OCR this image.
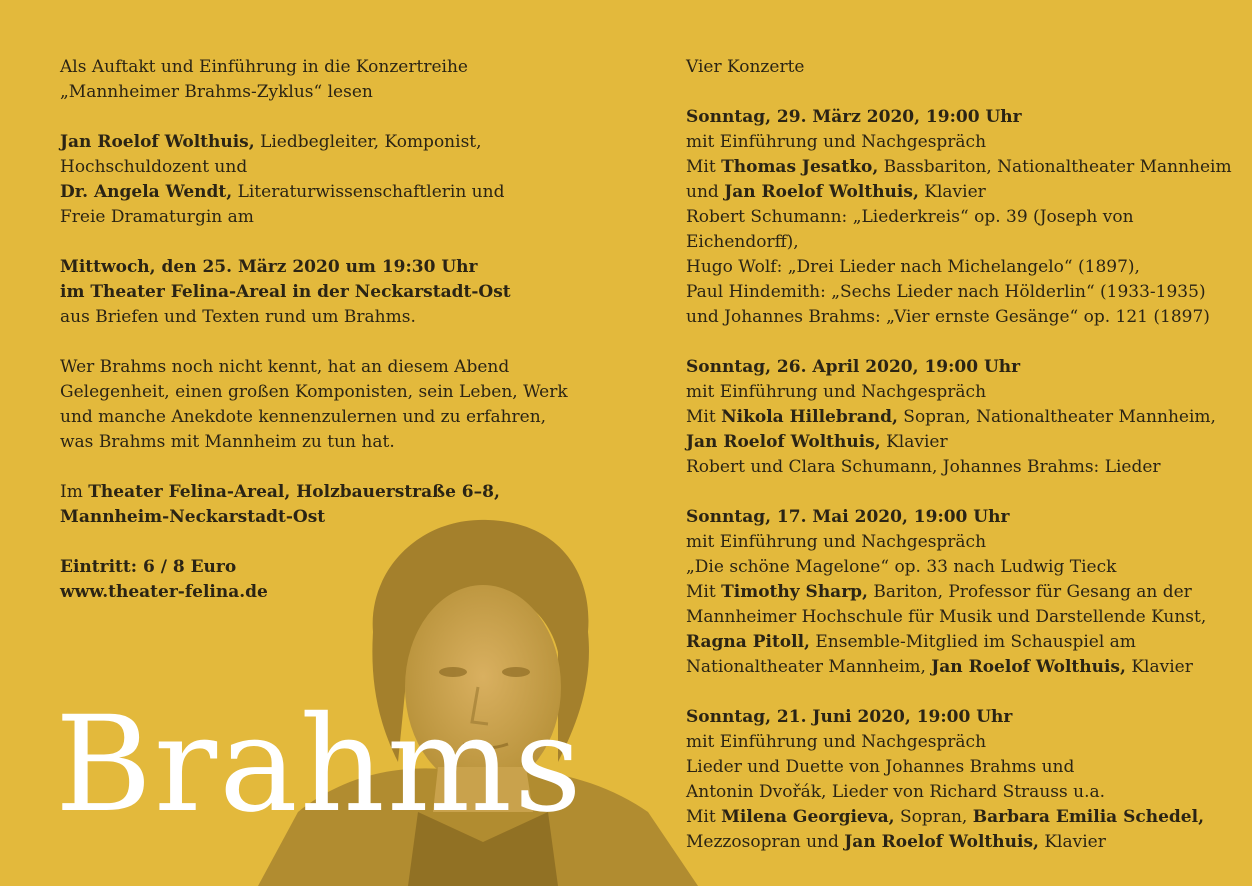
Als Auftakt und Einführung in die Konzertreihe

„Mannheimer Brahms-Zyklus“ lesen

Jan Roelof Wolthuis, Liedbegleiter, Komponist,

Hochschuldozent und

Dr. Angela Wendt, Literaturwissenschaftlerin und

Freie Dramaturgin am

Mittwoch, den 25. März 2020 um 19:30 Uhr

im Theater Felina-Areal in der Neckarstadt-Ost

aus Briefen und Texten rund um Brahms.

Wer Brahms noch nicht kennt, hat an diesem Abend

Gelegenheit, einen großen Komponisten, sein Leben, Werk

und manche Anekdote kennenzulernen und zu erfahren,

was Brahms mit Mannheim zu tun hat.

Im Theater Felina-Areal, Holzbauerstraße 6–8,

Mannheim-Neckarstadt-Ost

Eintritt: 6 / 8 Euro

www.theater-felina.de

Brahms

Vier Konzerte

Sonntag, 29. März 2020, 19:00 Uhr

mit Einführung und Nachgespräch

Mit Thomas Jesatko, Bassbariton, Nationaltheater Mannheim

und Jan Roelof Wolthuis, Klavier

Robert Schumann: „Liederkreis“ op. 39 (Joseph von Eichendorff),

Hugo Wolf: „Drei Lieder nach Michelangelo“ (1897),

Paul Hindemith: „Sechs Lieder nach Hölderlin“ (1933-1935)

und Johannes Brahms: „Vier ernste Gesänge“ op. 121 (1897)

Sonntag, 26. April 2020, 19:00 Uhr

mit Einführung und Nachgespräch

Mit Nikola Hillebrand, Sopran, Nationaltheater Mannheim,

Jan Roelof Wolthuis, Klavier

Robert und Clara Schumann, Johannes Brahms: Lieder

Sonntag, 17. Mai 2020, 19:00 Uhr

mit Einführung und Nachgespräch

„Die schöne Magelone“ op. 33 nach Ludwig Tieck

Mit Timothy Sharp, Bariton, Professor für Gesang an der

Mannheimer Hochschule für Musik und Darstellende Kunst,

Ragna Pitoll, Ensemble-Mitglied im Schauspiel am

Nationaltheater Mannheim, Jan Roelof Wolthuis, Klavier

Sonntag, 21. Juni 2020, 19:00 Uhr

mit Einführung und Nachgespräch

Lieder und Duette von Johannes Brahms und

Antonin Dvořák, Lieder von Richard Strauss u.a.

Mit Milena Georgieva, Sopran, Barbara Emilia Schedel,

Mezzosopran und Jan Roelof Wolthuis, Klavier
